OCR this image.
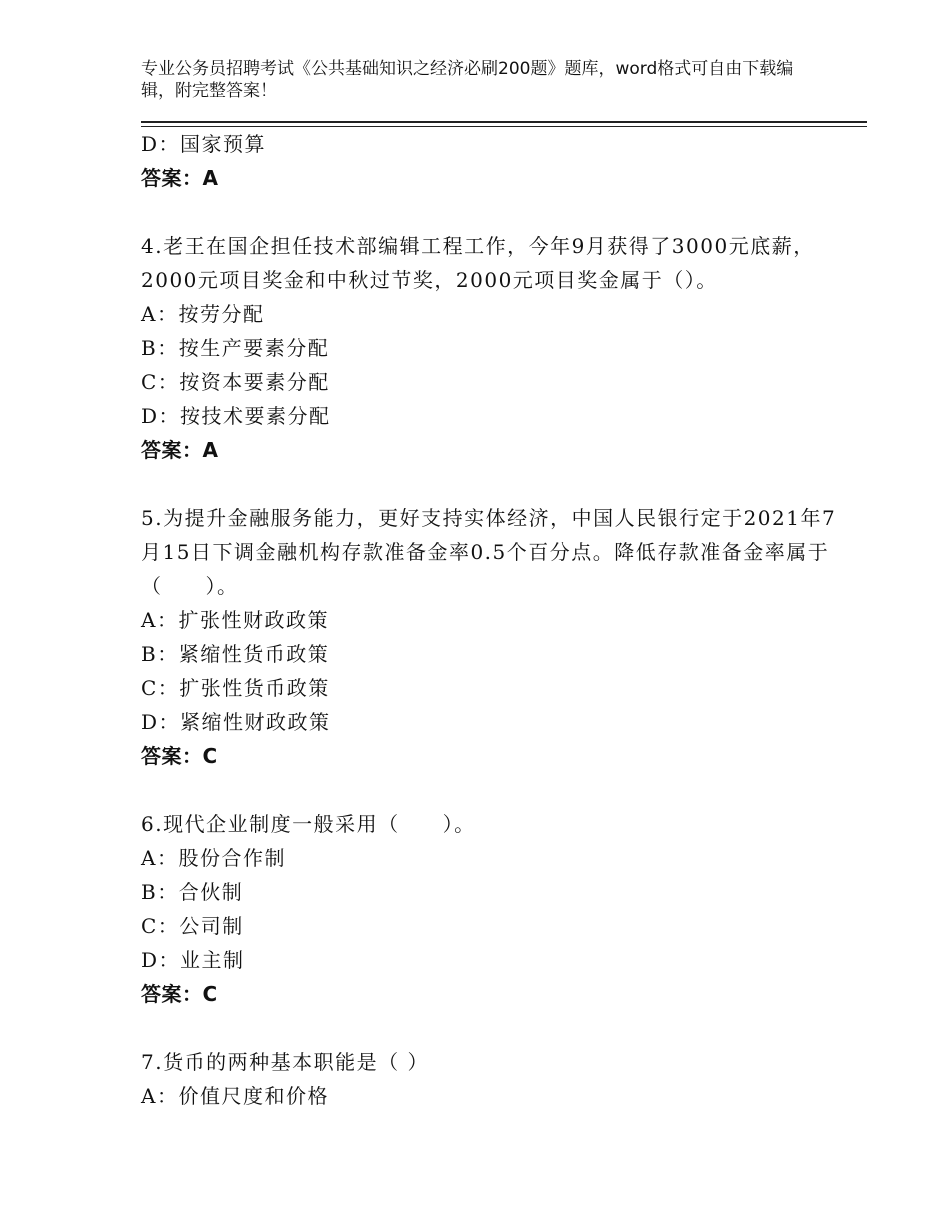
专业公务员招聘考试《公共基础知识之经济必刷200题》题库，word格式可自由下载编辑，附完整答案！
D：国家预算
答案：A
4.老王在国企担任技术部编辑工程工作，今年9月获得了3000元底薪，2000元项目奖金和中秋过节奖，2000元项目奖金属于（）。
A：按劳分配
B：按生产要素分配
C：按资本要素分配
D：按技术要素分配
答案：A
5.为提升金融服务能力，更好支持实体经济，中国人民银行定于2021年7月15日下调金融机构存款准备金率0.5个百分点。降低存款准备金率属于（　　）。
A：扩张性财政政策
B：紧缩性货币政策
C：扩张性货币政策
D：紧缩性财政政策
答案：C
6.现代企业制度一般采用（　　）。
A：股份合作制
B：合伙制
C：公司制
D：业主制
答案：C
7.货币的两种基本职能是（ ）
A：价值尺度和价格
